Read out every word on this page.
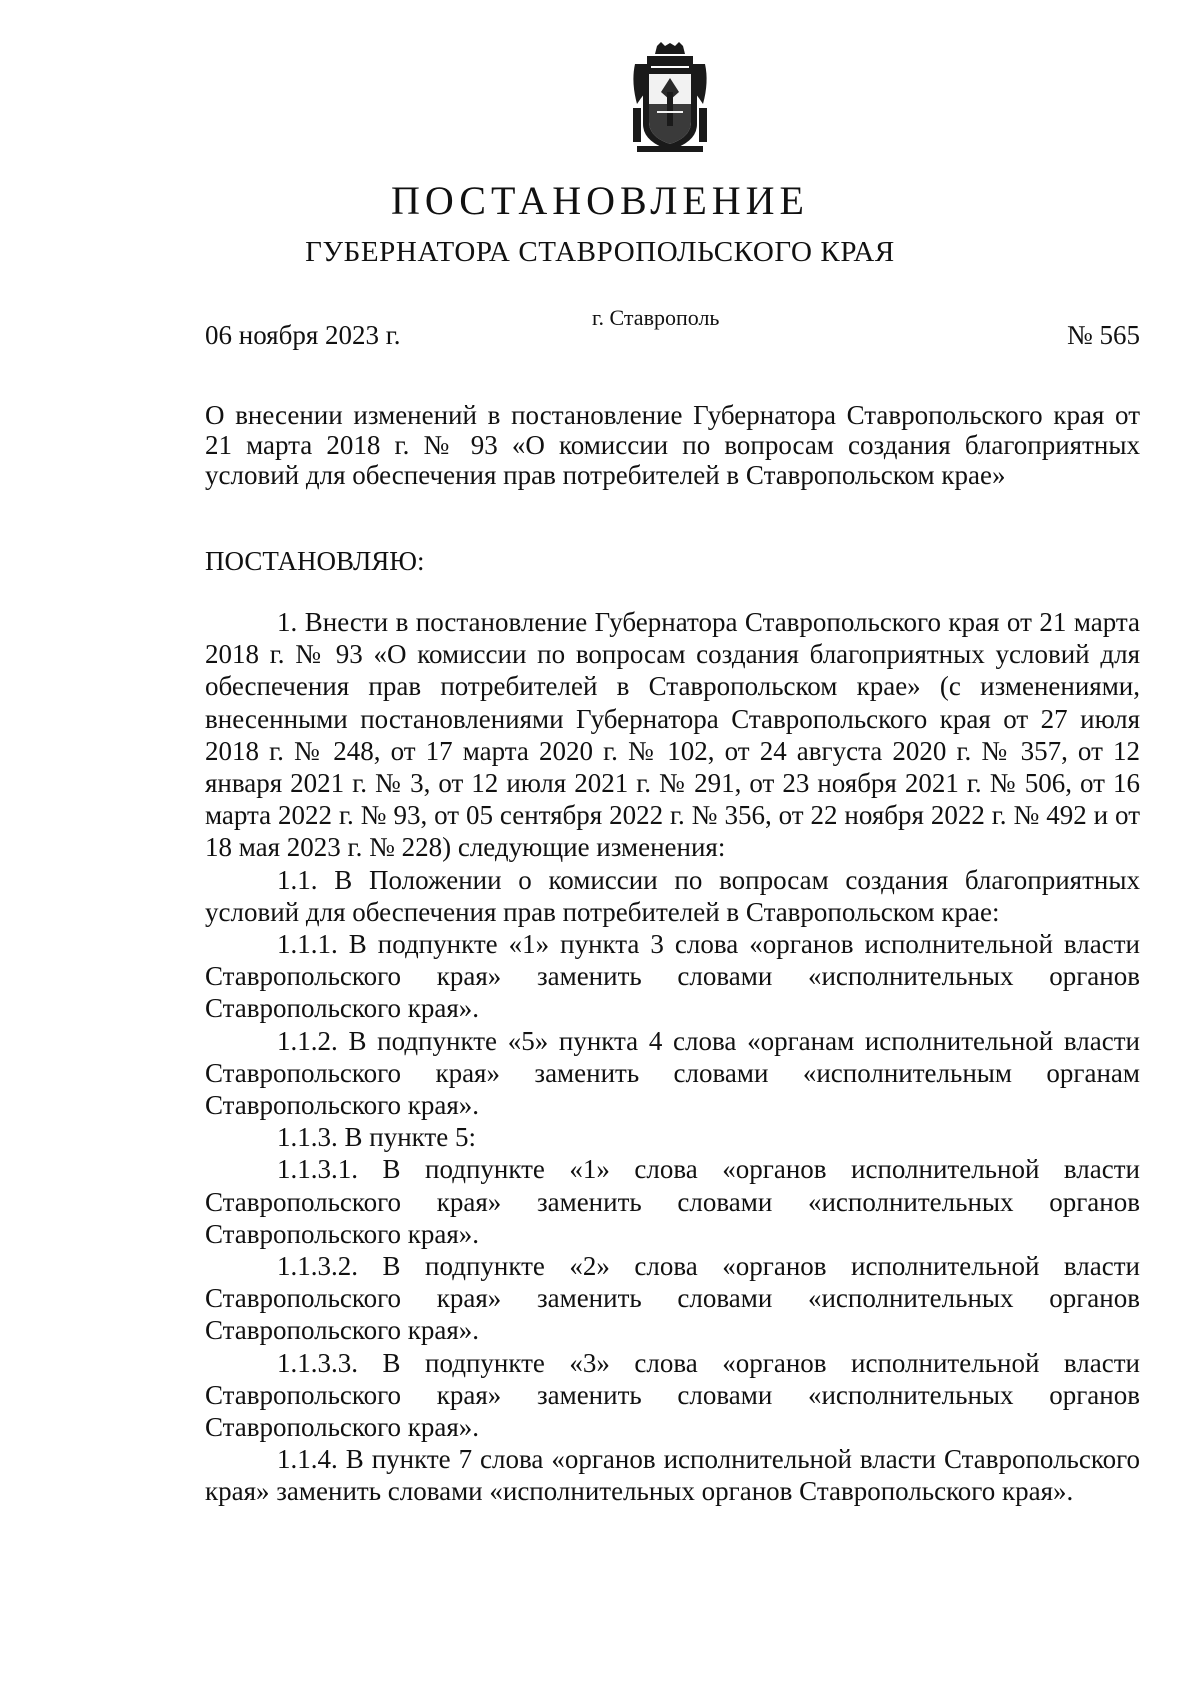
ПОСТАНОВЛЕНИЕ
ГУБЕРНАТОРА СТАВРОПОЛЬСКОГО КРАЯ
06 ноября 2023 г.
г. Ставрополь
№ 565
О внесении изменений в постановление Губернатора Ставропольского края от 21 марта 2018 г. № 93 «О комиссии по вопросам создания благоприятных условий для обеспечения прав потребителей в Ставропольском крае»
ПОСТАНОВЛЯЮ:

1. Внести в постановление Губернатора Ставропольского края от 21 марта 2018 г. № 93 «О комиссии по вопросам создания благоприятных условий для обеспечения прав потребителей в Ставропольском крае» (с изменениями, внесенными постановлениями Губернатора Ставропольского края от 27 июля 2018 г. № 248, от 17 марта 2020 г. № 102, от 24 августа 2020 г. № 357, от 12 января 2021 г. № 3, от 12 июля 2021 г. № 291, от 23 ноября 2021 г. № 506, от 16 марта 2022 г. № 93, от 05 сентября 2022 г. № 356, от 22 ноября 2022 г. № 492 и от 18 мая 2023 г. № 228) следующие изменения:

1.1. В Положении о комиссии по вопросам создания благоприятных условий для обеспечения прав потребителей в Ставропольском крае:

1.1.1. В подпункте «1» пункта 3 слова «органов исполнительной власти Ставропольского края» заменить словами «исполнительных органов Ставропольского края».

1.1.2. В подпункте «5» пункта 4 слова «органам исполнительной власти Ставропольского края» заменить словами «исполнительным органам Ставропольского края».

1.1.3. В пункте 5:

1.1.3.1. В подпункте «1» слова «органов исполнительной власти Ставропольского края» заменить словами «исполнительных органов Ставропольского края».

1.1.3.2. В подпункте «2» слова «органов исполнительной власти Ставропольского края» заменить словами «исполнительных органов Ставропольского края».

1.1.3.3. В подпункте «3» слова «органов исполнительной власти Ставропольского края» заменить словами «исполнительных органов Ставропольского края».

1.1.4. В пункте 7 слова «органов исполнительной власти Ставропольского края» заменить словами «исполнительных органов Ставропольского края».
